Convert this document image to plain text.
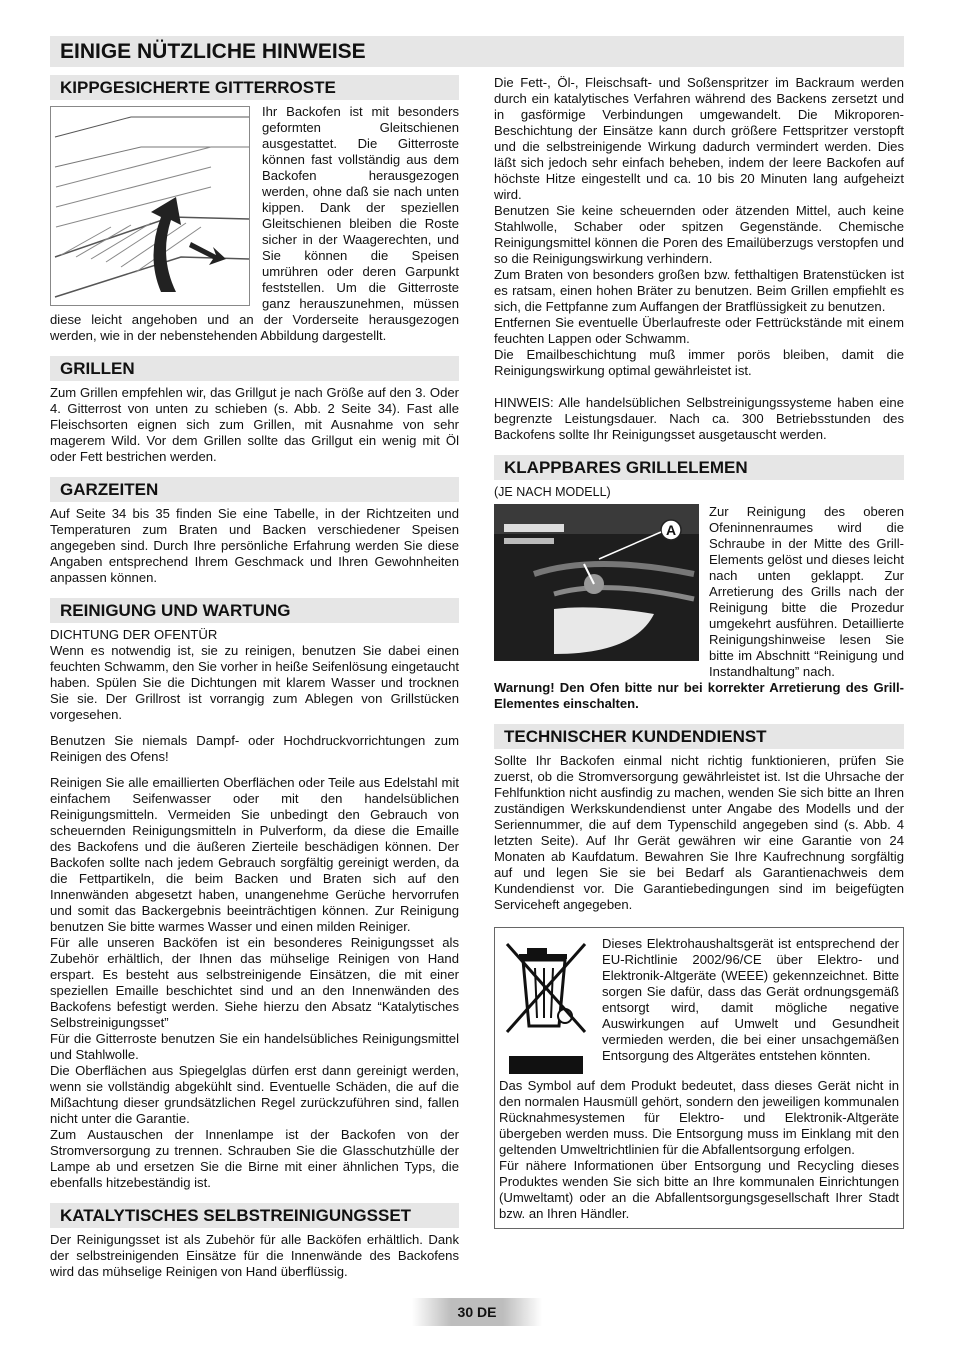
EINIGE NÜTZLICHE HINWEISE
KIPPGESICHERTE GITTERROSTE

Ihr Backofen ist mit besonders geformten Gleitschienen ausgestattet. Die Gitterroste können fast vollständig aus dem Backofen herausgezogen werden, ohne daß sie nach unten kippen. Dank der speziellen Gleitschienen bleiben die Roste sicher in der Waagerechten, und Sie können die Speisen umrühren oder deren Garpunkt feststellen. Um die Gitterroste ganz herauszunehmen, müssen diese leicht angehoben und an der Vorderseite herausgezogen werden, wie in der nebenstehenden Abbildung dargestellt.

GRILLEN

Zum Grillen empfehlen wir, das Grillgut je nach Größe auf den 3. Oder 4. Gitterrost von unten zu schieben (s. Abb. 2 Seite 34). Fast alle Fleischsorten eignen sich zum Grillen, mit Ausnahme von sehr magerem Wild. Vor dem Grillen sollte das Grillgut ein wenig mit Öl oder Fett bestrichen werden.

GARZEITEN

Auf Seite 34 bis 35 finden Sie eine Tabelle, in der Richtzeiten und Temperaturen zum Braten und Backen verschiedener Speisen angegeben sind. Durch Ihre persönliche Erfahrung werden Sie diese Angaben entsprechend Ihrem Geschmack und Ihren Gewohnheiten anpassen können.

REINIGUNG UND WARTUNG

DICHTUNG DER OFENTÜR

Wenn es notwendig ist, sie zu reinigen, benutzen Sie dabei einen feuchten Schwamm, den Sie vorher in heiße Seifenlösung eingetaucht haben. Spülen Sie die Dichtungen mit klarem Wasser und trocknen Sie sie. Der Grillrost ist vorrangig zum Ablegen von Grillstücken vorgesehen.

Benutzen Sie niemals Dampf- oder Hochdruckvorrichtungen zum Reinigen des Ofens!

Reinigen Sie alle emaillierten Oberflächen oder Teile aus Edelstahl mit einfachem Seifenwasser oder mit den handelsüblichen Reinigungsmitteln. Vermeiden Sie unbedingt den Gebrauch von scheuernden Reinigungsmitteln in Pulverform, da diese die Emaille des Backofens und die äußeren Zierteile beschädigen können. Der Backofen sollte nach jedem Gebrauch sorgfältig gereinigt werden, da die Fettpartikeln, die beim Backen und Braten sich auf den Innenwänden abgesetzt haben, unangenehme Gerüche hervorrufen und somit das Backergebnis beeinträchtigen können. Zur Reinigung benutzen Sie bitte warmes Wasser und einen milden Reiniger.

Für alle unseren Backöfen ist ein besonderes Reinigungsset als Zubehör erhältlich, der Ihnen das mühselige Reinigen von Hand erspart. Es besteht aus selbstreinigende Einsätzen, die mit einer speziellen Emaille beschichtet sind und an den Innenwänden des Backofens befestigt werden. Siehe hierzu den Absatz “Katalytisches Selbstreinigungsset”

Für die Gitterroste benutzen Sie ein handelsübliches Reinigungsmittel und Stahlwolle.

Die Oberflächen aus Spiegelglas dürfen erst dann gereinigt werden, wenn sie vollständig abgekühlt sind. Eventuelle Schäden, die auf die Mißachtung dieser grundsätzlichen Regel zurückzuführen sind, fallen nicht unter die Garantie.

Zum Austauschen der Innenlampe ist der Backofen von der Stromversorgung zu trennen. Schrauben Sie die Glasschutzhülle der Lampe ab und ersetzen Sie die Birne mit einer ähnlichen Typs, die ebenfalls hitzebeständig ist.

KATALYTISCHES SELBSTREINIGUNGSSET

Der Reinigungsset ist als Zubehör für alle Backöfen erhältlich. Dank der selbstreinigenden Einsätze für die Innenwände des Backofens wird das mühselige Reinigen von Hand überflüssig.

Die Fett-, Öl-, Fleischsaft- und Soßenspritzer im Backraum werden durch ein katalytisches Verfahren während des Backens zersetzt und in gasförmige Verbindungen umgewandelt. Die Mikroporen-Beschichtung der Einsätze kann durch größere Fettspritzer verstopft und die selbstreinigende Wirkung dadurch vermindert werden. Dies läßt sich jedoch sehr einfach beheben, indem der leere Backofen auf höchste Hitze eingestellt und ca. 10 bis 20 Minuten lang aufgeheizt wird.

Benutzen Sie keine scheuernden oder ätzenden Mittel, auch keine Stahlwolle, Schaber oder spitzen Gegenstände. Chemische Reinigungsmittel können die Poren des Emailüberzugs verstopfen und so die Reinigungswirkung verhindern.

Zum Braten von besonders großen bzw. fetthaltigen Bratenstücken ist es ratsam, einen hohen Bräter zu benutzen. Beim Grillen empfiehlt es sich, die Fettpfanne zum Auffangen der Bratflüssigkeit zu benutzen.

Entfernen Sie eventuelle Überlaufreste oder Fettrückstände mit einem feuchten Lappen oder Schwamm.

Die Emailbeschichtung muß immer porös bleiben, damit die Reinigungswirkung optimal gewährleistet ist.

HINWEIS: Alle handelsüblichen Selbstreinigungssysteme haben eine begrenzte Leistungsdauer. Nach ca. 300 Betriebsstunden des Backofens sollte Ihr Reinigungsset ausgetauscht werden.

KLAPPBARES GRILLELEMEN

(JE NACH MODELL)

A

Zur Reinigung des oberen Ofeninnenraumes wird die Schraube in der Mitte des Grill-Elements gelöst und dieses leicht nach unten geklappt. Zur Arretierung des Grills nach der Reinigung bitte die Prozedur umgekehrt ausführen. Detaillierte Reinigungshinweise lesen Sie bitte im Abschnitt “Reinigung und Instandhaltung” nach.

Warnung! Den Ofen bitte nur bei korrekter Arretierung des Grill-Elementes einschalten.

TECHNISCHER KUNDENDIENST

Sollte Ihr Backofen einmal nicht richtig funktionieren, prüfen Sie zuerst, ob die Stromversorgung gewährleistet ist. Ist die Uhrsache der Fehlfunktion nicht ausfindig zu machen, wenden Sie sich bitte an Ihren zuständigen Werkskundendienst unter Angabe des Modells und der Seriennummer, die auf dem Typenschild angegeben sind (s. Abb. 4 letzten Seite). Auf Ihr Gerät gewähren wir eine Garantie von 24 Monaten ab Kaufdatum. Bewahren Sie Ihre Kaufrechnung sorgfältig auf und legen Sie sie bei Bedarf als Garantienachweis dem Kundendienst vor. Die Garantiebedingungen sind im beigefügten Serviceheft angegeben.

Dieses Elektrohaushaltsgerät ist entsprechend der EU-Richtlinie 2002/96/CE über Elektro- und Elektronik-Altgeräte (WEEE) gekennzeichnet. Bitte sorgen Sie dafür, dass das Gerät ordnungsgemäß entsorgt wird, damit mögliche negative Auswirkungen auf Umwelt und Gesundheit vermieden werden, die bei einer unsachgemäßen Entsorgung des Altgerätes entstehen könnten.

Das Symbol auf dem Produkt bedeutet, dass dieses Gerät nicht in den normalen Hausmüll gehört, sondern den jeweiligen kommunalen Rücknahmesystemen für Elektro- und Elektronik-Altgeräte übergeben werden muss. Die Entsorgung muss im Einklang mit den geltenden Umweltrichtlinien für die Abfallentsorgung erfolgen.

Für nähere Informationen über Entsorgung und Recycling dieses Produktes wenden Sie sich bitte an Ihre kommunalen Einrichtungen (Umweltamt) oder an die Abfallentsorgungsgesellschaft Ihrer Stadt bzw. an Ihren Händler.

30 DE
